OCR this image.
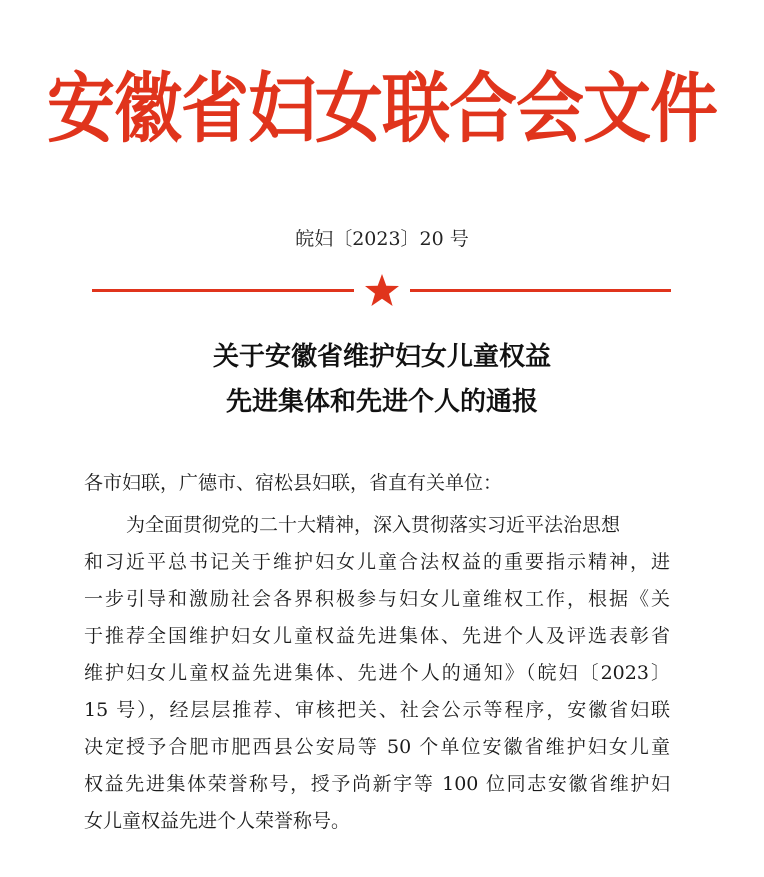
安徽省妇女联合会文件
皖妇〔2023〕20 号
关于安徽省维护妇女儿童权益
先进集体和先进个人的通报
各市妇联，广德市、宿松县妇联，省直有关单位：
为全面贯彻党的二十大精神，深入贯彻落实习近平法治思想
和习近平总书记关于维护妇女儿童合法权益的重要指示精神，进
一步引导和激励社会各界积极参与妇女儿童维权工作，根据《关
于推荐全国维护妇女儿童权益先进集体、先进个人及评选表彰省
维护妇女儿童权益先进集体、先进个人的通知》（皖妇〔2023〕
15 号），经层层推荐、审核把关、社会公示等程序，安徽省妇联
决定授予合肥市肥西县公安局等 50 个单位安徽省维护妇女儿童
权益先进集体荣誉称号，授予尚新宇等 100 位同志安徽省维护妇
女儿童权益先进个人荣誉称号。
